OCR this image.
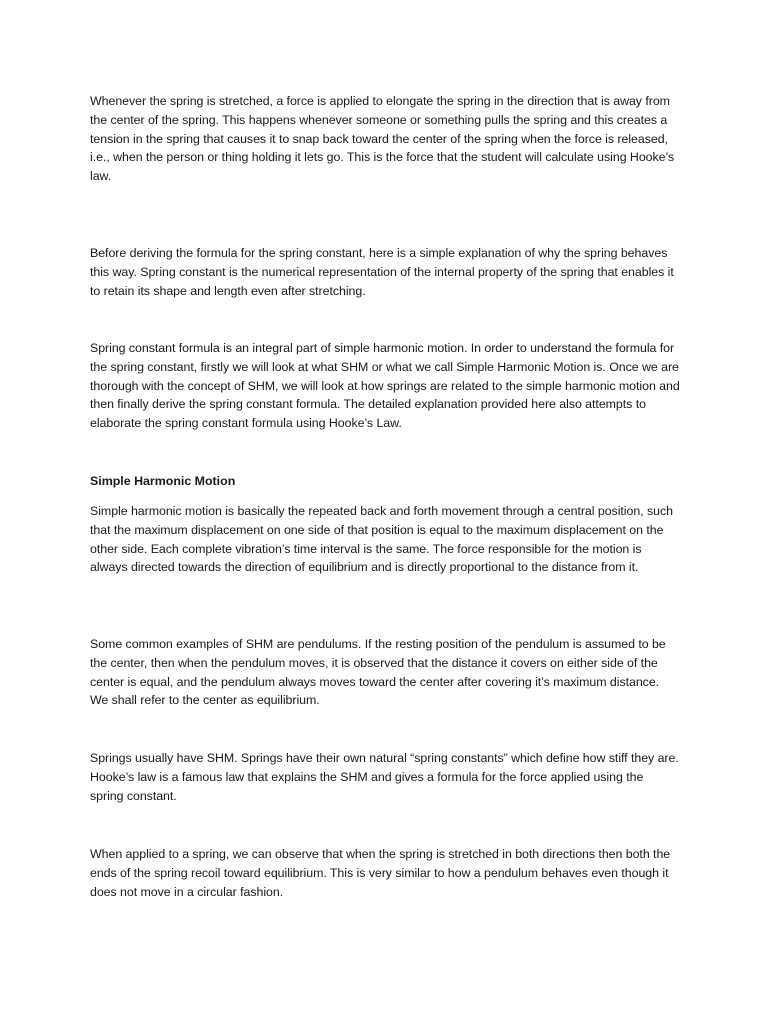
Whenever the spring is stretched, a force is applied to elongate the spring in the direction that is away from the center of the spring. This happens whenever someone or something pulls the spring and this creates a tension in the spring that causes it to snap back toward the center of the spring when the force is released, i.e., when the person or thing holding it lets go. This is the force that the student will calculate using Hooke’s law.

Before deriving the formula for the spring constant, here is a simple explanation of why the spring behaves this way. Spring constant is the numerical representation of the internal property of the spring that enables it to retain its shape and length even after stretching.

Spring constant formula is an integral part of simple harmonic motion. In order to understand the formula for the spring constant, firstly we will look at what SHM or what we call Simple Harmonic Motion is. Once we are thorough with the concept of SHM, we will look at how springs are related to the simple harmonic motion and then finally derive the spring constant formula. The detailed explanation provided here also attempts to elaborate the spring constant formula using Hooke’s Law.

Simple Harmonic Motion

Simple harmonic motion is basically the repeated back and forth movement through a central position, such that the maximum displacement on one side of that position is equal to the maximum displacement on the other side. Each complete vibration’s time interval is the same. The force responsible for the motion is always directed towards the direction of equilibrium and is directly proportional to the distance from it.

Some common examples of SHM are pendulums. If the resting position of the pendulum is assumed to be the center, then when the pendulum moves, it is observed that the distance it covers on either side of the center is equal, and the pendulum always moves toward the center after covering it’s maximum distance. We shall refer to the center as equilibrium.

Springs usually have SHM. Springs have their own natural “spring constants” which define how stiff they are. Hooke’s law is a famous law that explains the SHM and gives a formula for the force applied using the spring constant.

When applied to a spring, we can observe that when the spring is stretched in both directions then both the ends of the spring recoil toward equilibrium. This is very similar to how a pendulum behaves even though it does not move in a circular fashion.
